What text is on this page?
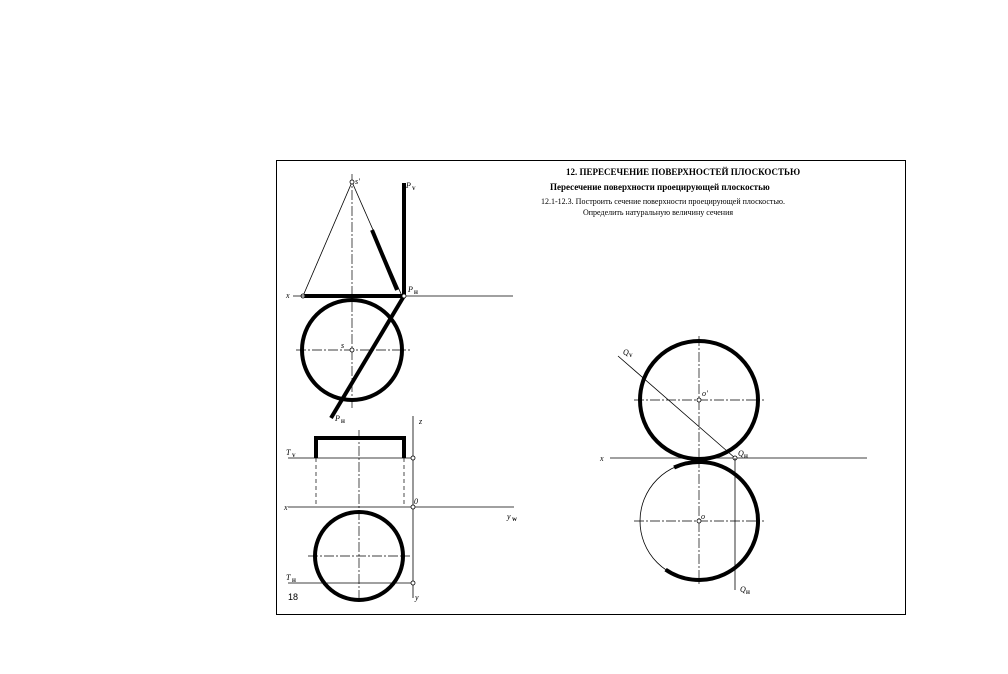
s'
s
P V
P H
P H
x
x
x
T V
T H
z
y W
y
0
Q V
Q H
Q H
o'
o
12. ПЕРЕСЕЧЕНИЕ ПОВЕРХНОСТЕЙ ПЛОСКОСТЬЮ
Пересечение поверхности проецирующей плоскостью
12.1-12.3. Построить сечение поверхности проецирующей плоскостью.
Определить натуральную величину сечения
18
